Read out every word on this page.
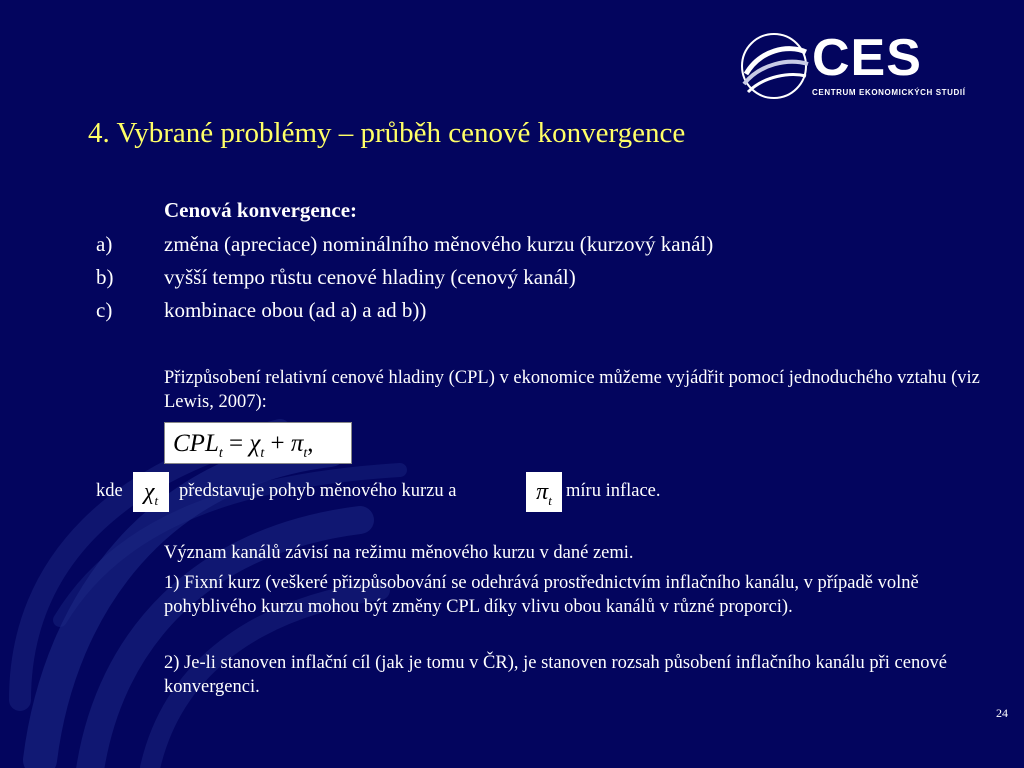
CES
CENTRUM EKONOMICKÝCH STUDIÍ
4. Vybrané problémy – průběh cenové konvergence
Cenová konvergence:
a) změna (apreciace) nominálního měnového kurzu (kurzový kanál)
b) vyšší tempo růstu cenové hladiny (cenový kanál)
c) kombinace obou (ad a) a ad b))
Přizpůsobení relativní cenové hladiny (CPL) v ekonomice můžeme vyjádřit pomocí jednoduchého vztahu (viz Lewis, 2007):
$CPL_t = \chi_t + \pi_t$,
kde $\chi_t$	představuje pohyb měnového kurzu a	$\pi_t$ míru inflace.
Význam kanálů závisí na režimu měnového kurzu v dané zemi.
1) Fixní kurz (veškeré přizpůsobování se odehrává prostřednictvím inflačního kanálu, v případě volně pohyblivého kurzu mohou být změny CPL díky vlivu obou kanálů v různé proporci).
2) Je-li stanoven inflační cíl (jak je tomu v ČR), je stanoven rozsah působení inflačního kanálu při cenové konvergenci.
24
